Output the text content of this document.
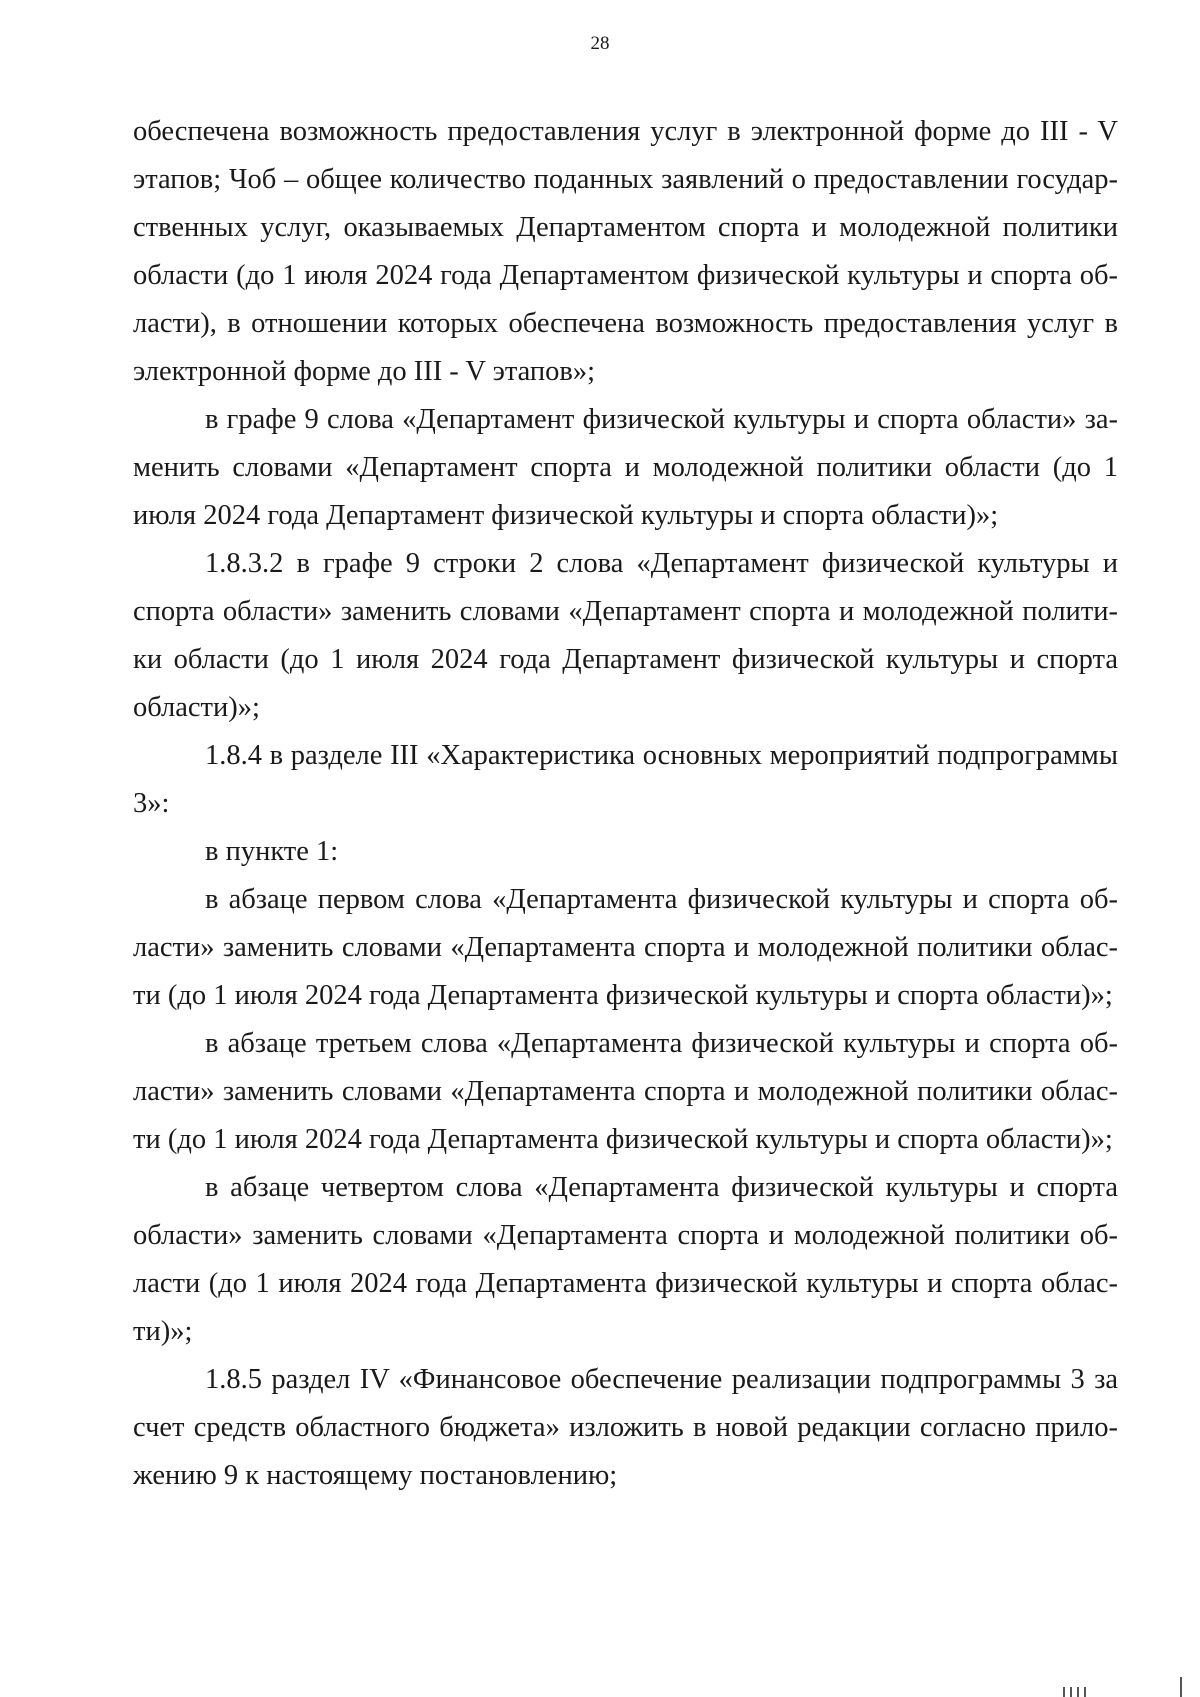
28
обеспечена возможность предоставления услуг в электронной форме до III - V
этапов; Чоб – общее количество поданных заявлений о предоставлении государ-
ственных услуг, оказываемых Департаментом спорта и молодежной политики
области (до 1 июля 2024 года Департаментом физической культуры и спорта об-
ласти), в отношении которых обеспечена возможность предоставления услуг в
электронной форме до III - V этапов»;
в графе 9 слова «Департамент физической культуры и спорта области» за-
менить словами «Департамент спорта и молодежной политики области (до 1
июля 2024 года Департамент физической культуры и спорта области)»;
1.8.3.2 в графе 9 строки 2 слова «Департамент физической культуры и
спорта области» заменить словами «Департамент спорта и молодежной полити-
ки области (до 1 июля 2024 года Департамент физической культуры и спорта
области)»;
1.8.4 в разделе III «Характеристика основных мероприятий подпрограммы
3»:
в пункте 1:
в абзаце первом слова «Департамента физической культуры и спорта об-
ласти» заменить словами «Департамента спорта и молодежной политики облас-
ти (до 1 июля 2024 года Департамента физической культуры и спорта области)»;
в абзаце третьем слова «Департамента физической культуры и спорта об-
ласти» заменить словами «Департамента спорта и молодежной политики облас-
ти (до 1 июля 2024 года Департамента физической культуры и спорта области)»;
в абзаце четвертом слова «Департамента физической культуры и спорта
области» заменить словами «Департамента спорта и молодежной политики об-
ласти (до 1 июля 2024 года Департамента физической культуры и спорта облас-
ти)»;
1.8.5 раздел IV «Финансовое обеспечение реализации подпрограммы 3 за
счет средств областного бюджета» изложить в новой редакции согласно прило-
жению 9 к настоящему постановлению;
